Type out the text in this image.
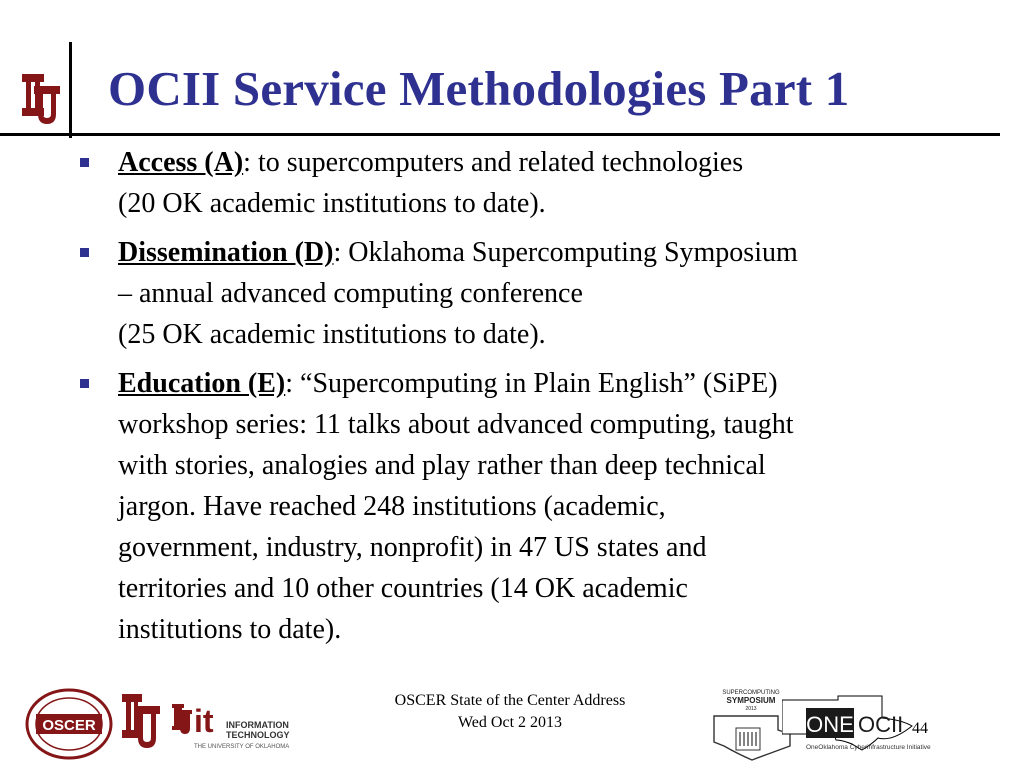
OCII Service Methodologies Part 1
Access (A): to supercomputers and related technologies
(20 OK academic institutions to date).
Dissemination (D): Oklahoma Supercomputing Symposium
– annual advanced computing conference
(25 OK academic institutions to date).
Education (E): “Supercomputing in Plain English” (SiPE)
workshop series: 11 talks about advanced computing, taught
with stories, analogies and play rather than deep technical
jargon. Have reached 248 institutions (academic,
government, industry, nonprofit) in 47 US states and
territories and 10 other countries (14 OK academic
institutions to date).
OSCER	it INFORMATION
TECHNOLOGY
THE UNIVERSITY OF OKLAHOMA
OSCER State of the Center Address
Wed Oct 2 2013
SUPERCOMPUTING
SYMPOSIUM
2013
ONE OCII
OneOklahoma Cyberinfrastructure Initiative
44
